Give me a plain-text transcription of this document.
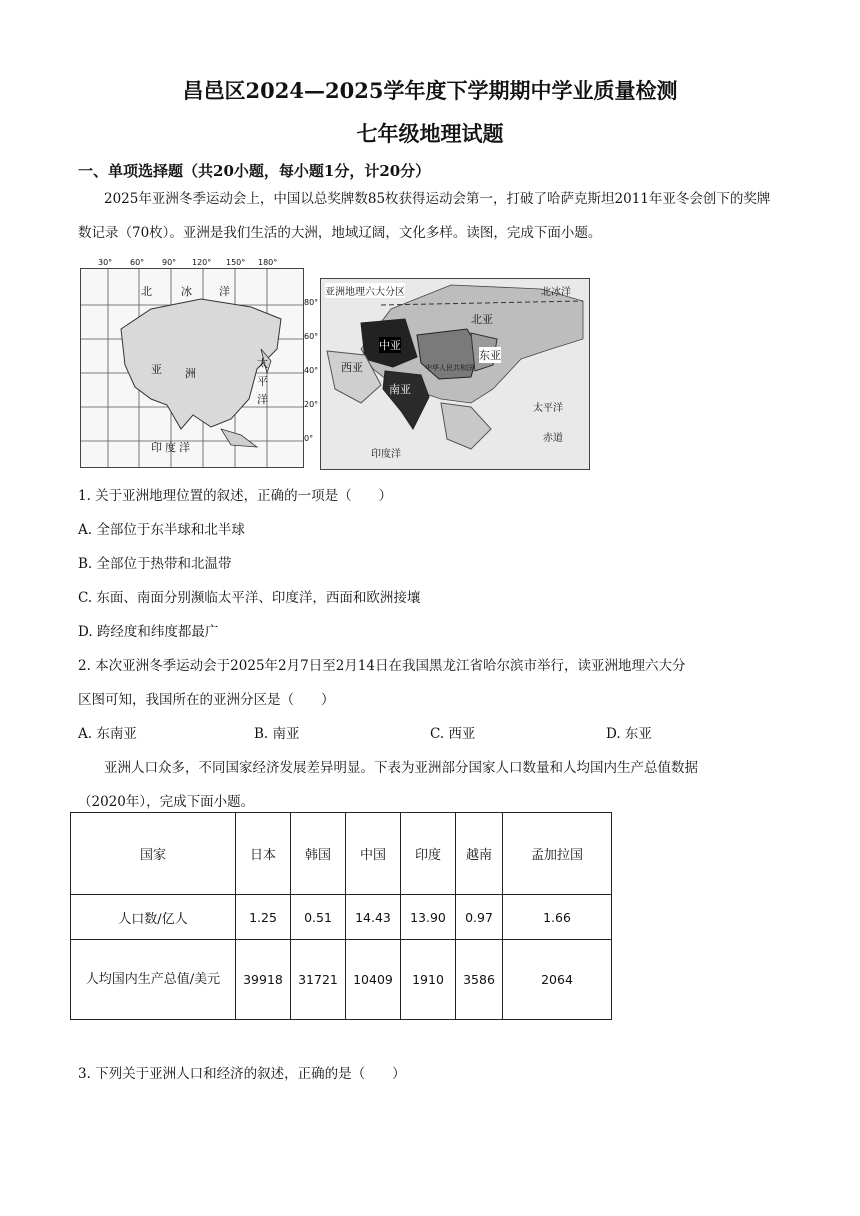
昌邑区2024—2025学年度下学期期中学业质量检测
七年级地理试题
一、单项选择题（共20小题，每小题1分，计20分）
2025年亚洲冬季运动会上，中国以总奖牌数85枚获得运动会第一，打破了哈萨克斯坦2011年亚冬会创下的奖牌数记录（70枚）。亚洲是我们生活的大洲，地域辽阔，文化多样。读图，完成下面小题。
北	冰 洋
亚 洲
太
平
洋
印 度 洋
30° 60° 90° 120° 150° 180°
80°
60°
40°
20°
0°
亚洲地理六大分区	北冰洋
北亚
中亚
东亚
西亚	中华人民共和国
南亚
太平洋
印度洋
赤道
1. 关于亚洲地理位置的叙述，正确的一项是（　　）
A. 全部位于东半球和北半球
B. 全部位于热带和北温带
C. 东面、南面分别濒临太平洋、印度洋，西面和欧洲接壤
D. 跨经度和纬度都最广
2. 本次亚洲冬季运动会于2025年2月7日至2月14日在我国黑龙江省哈尔滨市举行，读亚洲地理六大分
区图可知，我国所在的亚洲分区是（　　）
A. 东南亚	B. 南亚	C. 西亚	D. 东亚
亚洲人口众多，不同国家经济发展差异明显。下表为亚洲部分国家人口数量和人均国内生产总值数据
（2020年），完成下面小题。
国家	日本	韩国	中国	印度	越南	孟加拉国
人口数/亿人	1.25	0.51	14.43	13.90	0.97	1.66
人均国内生产总值/美元	39918	31721	10409	1910	3586	2064
3. 下列关于亚洲人口和经济的叙述，正确的是（　　）
